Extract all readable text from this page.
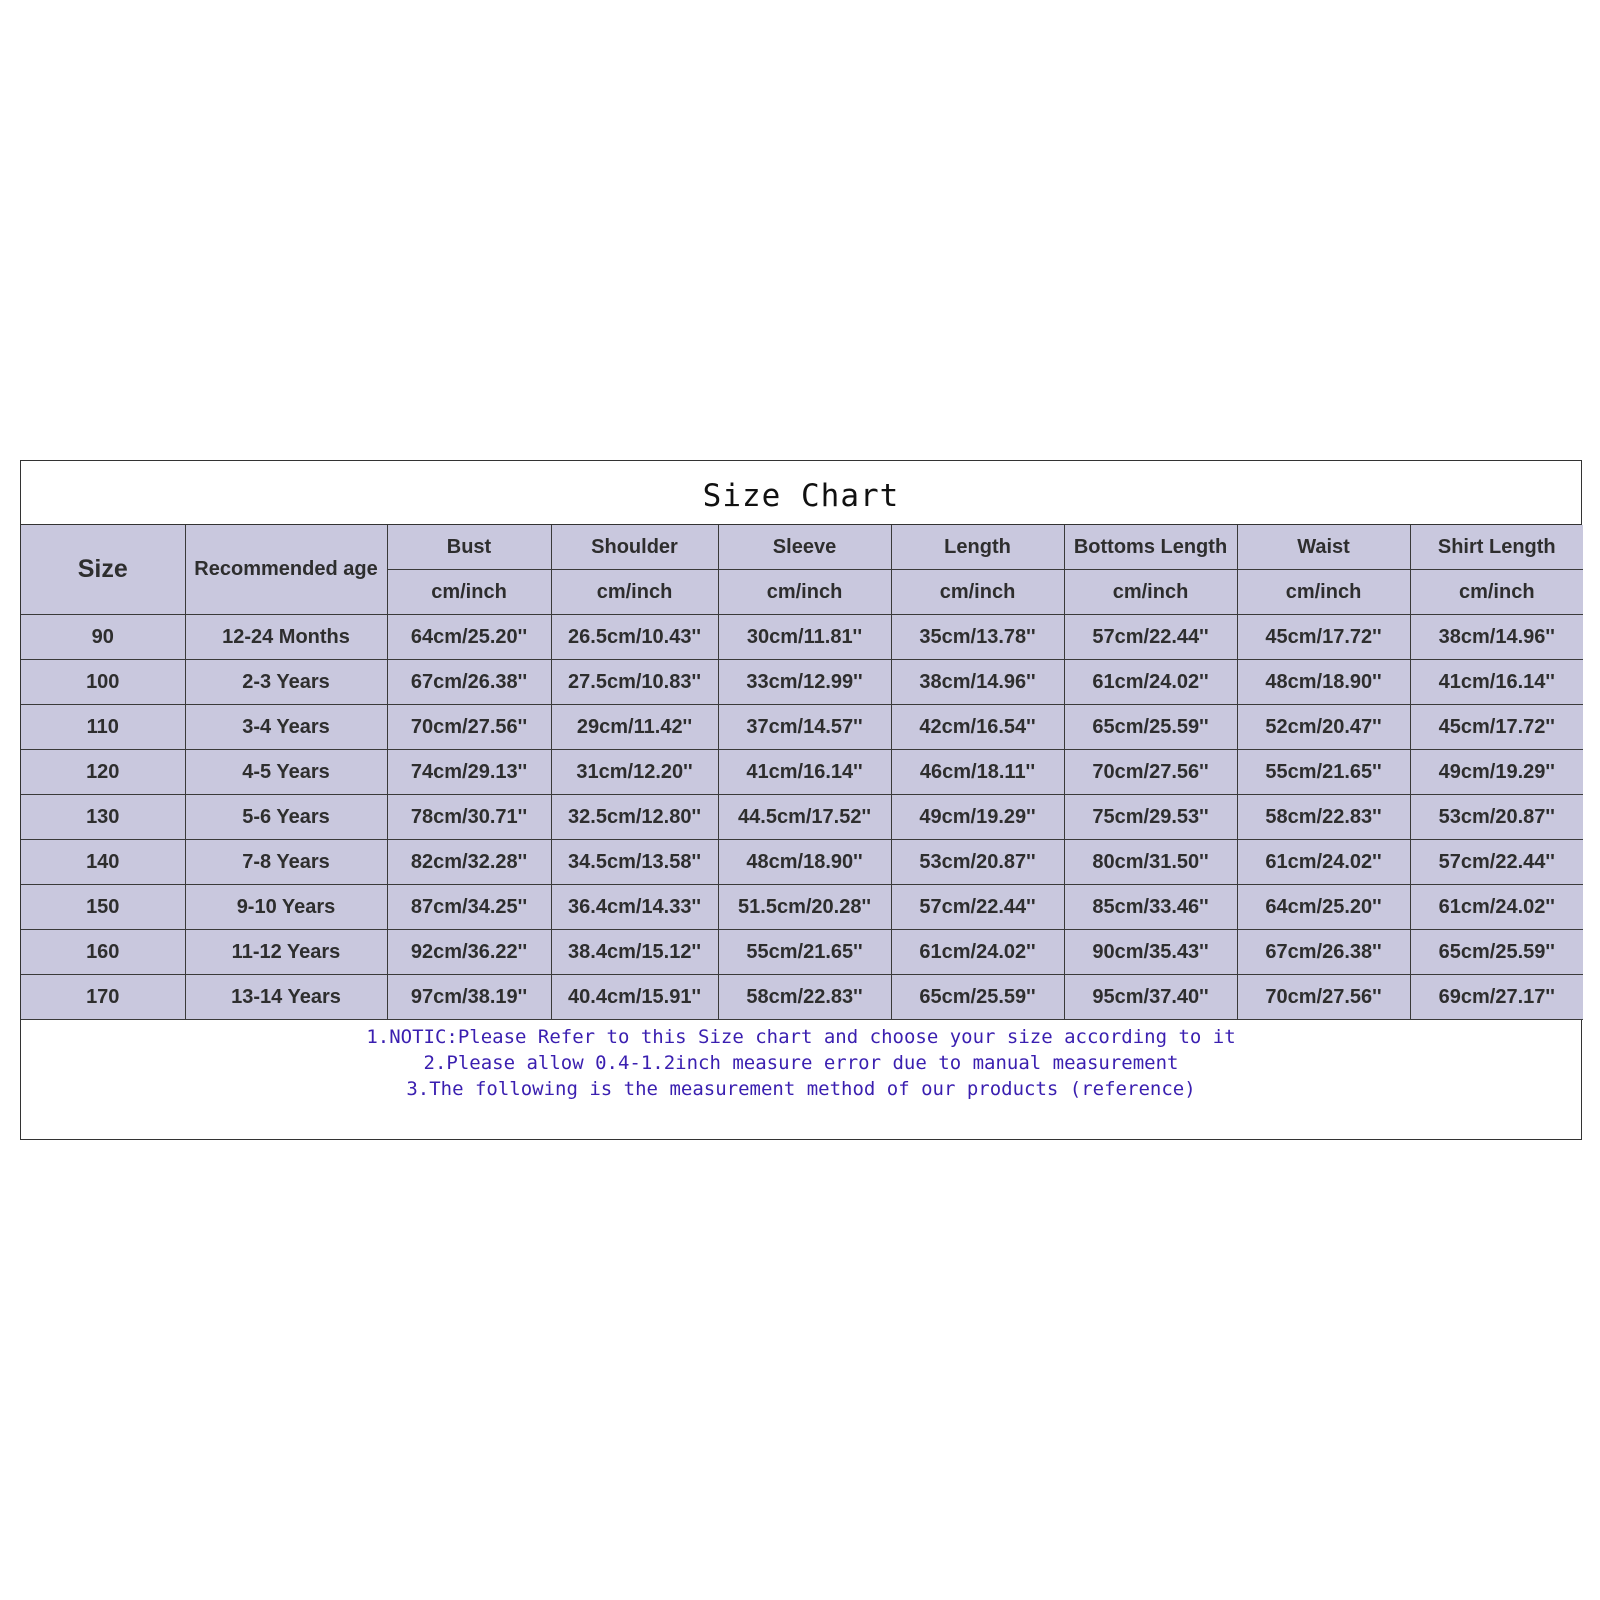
Size Chart
Size	Recommended age	Bust	Shoulder	Sleeve	Length	Bottoms Length	Waist	Shirt Length
		cm/inch	cm/inch	cm/inch	cm/inch	cm/inch	cm/inch	cm/inch
90	12-24 Months	64cm/25.20''	26.5cm/10.43''	30cm/11.81''	35cm/13.78''	57cm/22.44''	45cm/17.72''	38cm/14.96''
100	2-3 Years	67cm/26.38''	27.5cm/10.83''	33cm/12.99''	38cm/14.96''	61cm/24.02''	48cm/18.90''	41cm/16.14''
110	3-4 Years	70cm/27.56''	29cm/11.42''	37cm/14.57''	42cm/16.54''	65cm/25.59''	52cm/20.47''	45cm/17.72''
120	4-5 Years	74cm/29.13''	31cm/12.20''	41cm/16.14''	46cm/18.11''	70cm/27.56''	55cm/21.65''	49cm/19.29''
130	5-6 Years	78cm/30.71''	32.5cm/12.80''	44.5cm/17.52''	49cm/19.29''	75cm/29.53''	58cm/22.83''	53cm/20.87''
140	7-8 Years	82cm/32.28''	34.5cm/13.58''	48cm/18.90''	53cm/20.87''	80cm/31.50''	61cm/24.02''	57cm/22.44''
150	9-10 Years	87cm/34.25''	36.4cm/14.33''	51.5cm/20.28''	57cm/22.44''	85cm/33.46''	64cm/25.20''	61cm/24.02''
160	11-12 Years	92cm/36.22''	38.4cm/15.12''	55cm/21.65''	61cm/24.02''	90cm/35.43''	67cm/26.38''	65cm/25.59''
170	13-14 Years	97cm/38.19''	40.4cm/15.91''	58cm/22.83''	65cm/25.59''	95cm/37.40''	70cm/27.56''	69cm/27.17''
1.NOTIC:Please Refer to this Size chart and choose your size according to it
2.Please allow 0.4-1.2inch measure error due to manual measurement
3.The following is the measurement method of our products (reference)
